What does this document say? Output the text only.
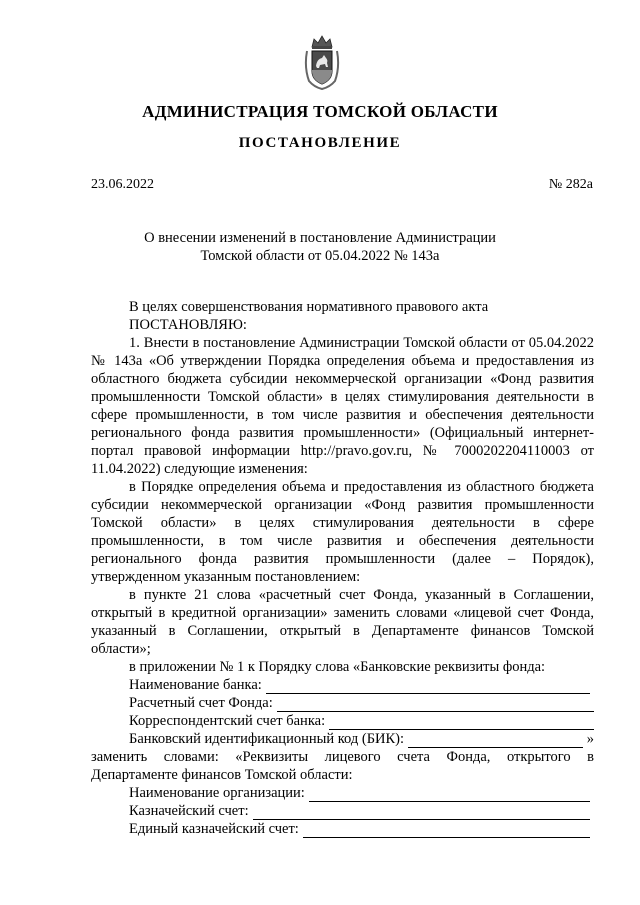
АДМИНИСТРАЦИЯ ТОМСКОЙ ОБЛАСТИ
ПОСТАНОВЛЕНИЕ
23.06.2022	№ 282а
О внесении изменений в постановление Администрации
Томской области от 05.04.2022 № 143а

В целях совершенствования нормативного правового акта

ПОСТАНОВЛЯЮ:

1. Внести в постановление Администрации Томской области от 05.04.2022 № 143а «Об утверждении Порядка определения объема и предоставления из областного бюджета субсидии некоммерческой организации «Фонд развития промышленности Томской области» в целях стимулирования деятельности в сфере промышленности, в том числе развития и обеспечения деятельности регионального фонда развития промышленности» (Официальный интернет-портал правовой информации http://pravo.gov.ru, № 7000202204110003 от 11.04.2022) следующие изменения:

в Порядке определения объема и предоставления из областного бюджета субсидии некоммерческой организации «Фонд развития промышленности Томской области» в целях стимулирования деятельности в сфере промышленности, в том числе развития и обеспечения деятельности регионального фонда развития промышленности (далее – Порядок), утвержденном указанным постановлением:

в пункте 21 слова «расчетный счет Фонда, указанный в Соглашении, открытый в кредитной организации» заменить словами «лицевой счет Фонда, указанный в Соглашении, открытый в Департаменте финансов Томской области»;

в приложении № 1 к Порядку слова «Банковские реквизиты фонда:

Наименование банка:
Расчетный счет Фонда:
Корреспондентский счет банка:
Банковский идентификационный код (БИК):	»

заменить словами: «Реквизиты лицевого счета Фонда, открытого в Департаменте финансов Томской области:

Наименование организации:
Казначейский счет:
Единый казначейский счет:
